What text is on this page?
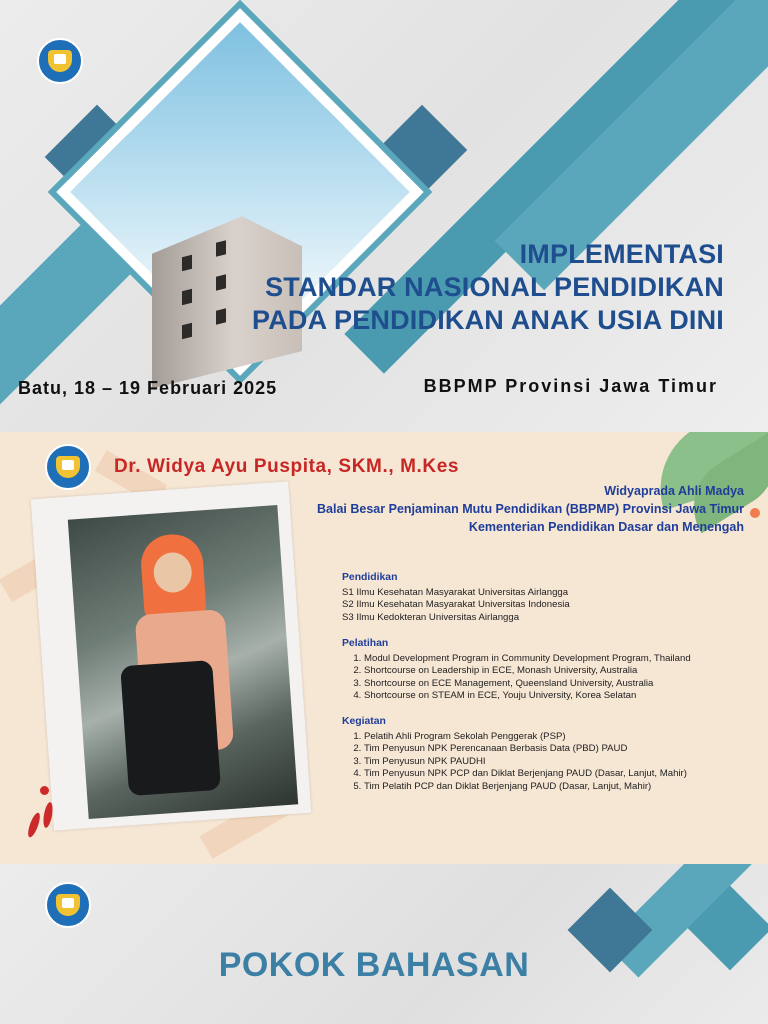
IMPLEMENTASI
STANDAR NASIONAL PENDIDIKAN
PADA PENDIDIKAN ANAK USIA DINI
Batu, 18 – 19 Februari 2025	BBPMP Provinsi Jawa Timur
Dr. Widya Ayu Puspita, SKM., M.Kes
Widyaprada Ahli Madya
Balai Besar Penjaminan Mutu Pendidikan (BBPMP) Provinsi Jawa Timur
Kementerian Pendidikan Dasar dan Menengah
Pendidikan
S1 Ilmu Kesehatan Masyarakat Universitas Airlangga
S2 Ilmu Kesehatan Masyarakat Universitas Indonesia
S3 Ilmu Kedokteran Universitas Airlangga
Pelatihan
1. Modul Development Program in Community Development Program, Thailand
2. Shortcourse on Leadership in ECE, Monash University, Australia
3. Shortcourse on ECE Management, Queensland University, Australia
4. Shortcourse on STEAM in ECE, Youju University, Korea Selatan
Kegiatan
1. Pelatih Ahli Program Sekolah Penggerak (PSP)
2. Tim Penyusun NPK Perencanaan Berbasis Data (PBD) PAUD
3. Tim Penyusun NPK PAUDHI
4. Tim Penyusun NPK PCP dan Diklat Berjenjang PAUD (Dasar, Lanjut, Mahir)
5. Tim Pelatih PCP dan Diklat Berjenjang PAUD (Dasar, Lanjut, Mahir)
POKOK BAHASAN
